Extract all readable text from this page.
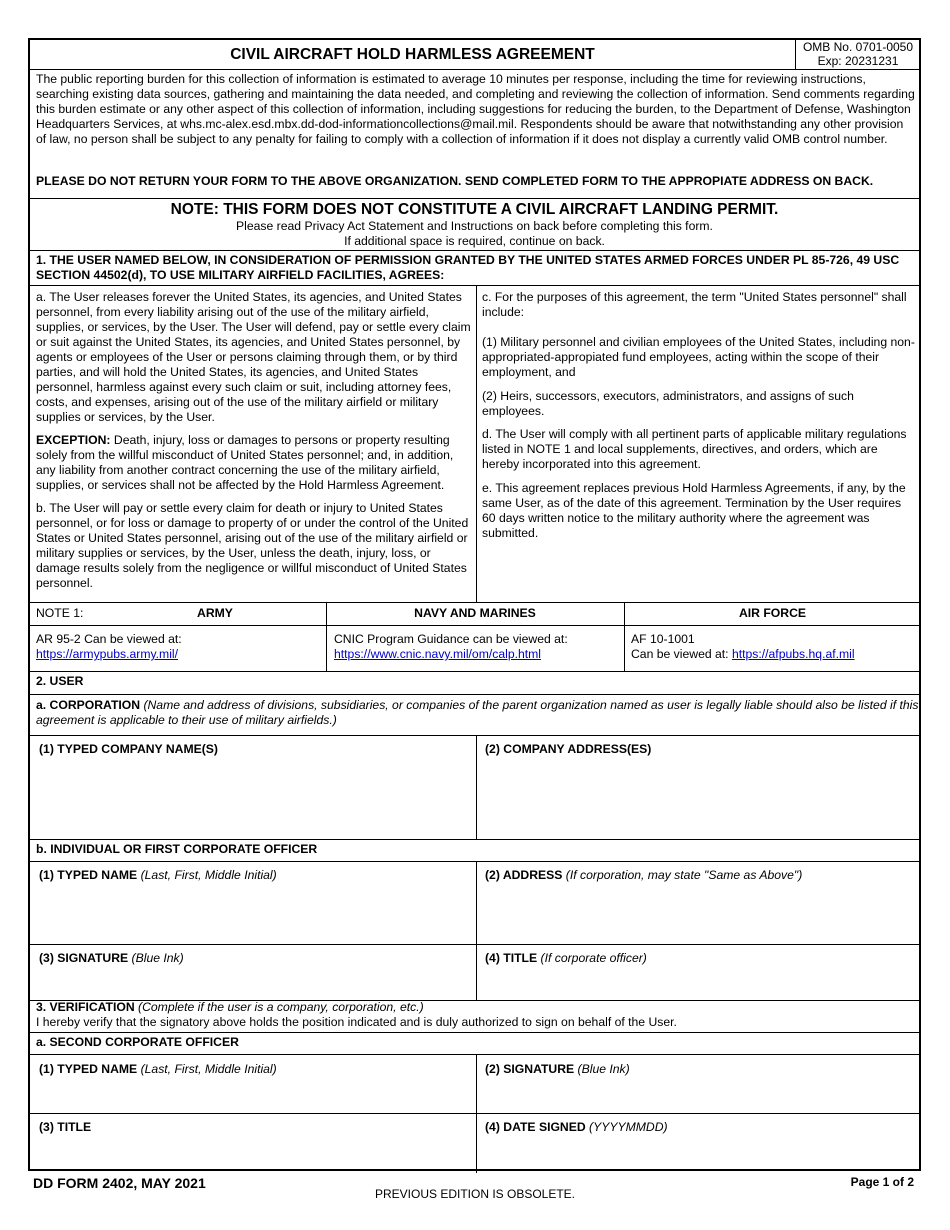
CIVIL AIRCRAFT HOLD HARMLESS AGREEMENT	OMB No. 0701-0050
Exp: 20231231
The public reporting burden for this collection of information is estimated to average 10 minutes per response, including the time for reviewing instructions, searching existing data sources, gathering and maintaining the data needed, and completing and reviewing the collection of information. Send comments regarding this burden estimate or any other aspect of this collection of information, including suggestions for reducing the burden, to the Department of Defense, Washington Headquarters Services, at whs.mc-alex.esd.mbx.dd-dod-informationcollections@mail.mil. Respondents should be aware that notwithstanding any other provision of law, no person shall be subject to any penalty for failing to comply with a collection of information if it does not display a currently valid OMB control number.
PLEASE DO NOT RETURN YOUR FORM TO THE ABOVE ORGANIZATION. SEND COMPLETED FORM TO THE APPROPIATE ADDRESS ON BACK.
NOTE: THIS FORM DOES NOT CONSTITUTE A CIVIL AIRCRAFT LANDING PERMIT.
Please read Privacy Act Statement and Instructions on back before completing this form.
If additional space is required, continue on back.
1. THE USER NAMED BELOW, IN CONSIDERATION OF PERMISSION GRANTED BY THE UNITED STATES ARMED FORCES UNDER PL 85-726, 49 USC SECTION 44502(d), TO USE MILITARY AIRFIELD FACILITIES, AGREES:

a. The User releases forever the United States, its agencies, and United States personnel, from every liability arising out of the use of the military airfield, supplies, or services, by the User. The User will defend, pay or settle every claim or suit against the United States, its agencies, and United States personnel, by agents or employees of the User or persons claiming through them, or by third parties, and will hold the United States, its agencies, and United States personnel, harmless against every such claim or suit, including attorney fees, costs, and expenses, arising out of the use of the military airfield or military supplies or services, by the User.

EXCEPTION: Death, injury, loss or damages to persons or property resulting solely from the willful misconduct of United States personnel; and, in addition, any liability from another contract concerning the use of the military airfield, supplies, or services shall not be affected by the Hold Harmless Agreement.

b. The User will pay or settle every claim for death or injury to United States personnel, or for loss or damage to property of or under the control of the United States or United States personnel, arising out of the use of the military airfield or military supplies or services, by the User, unless the death, injury, loss, or damage results solely from the negligence or willful misconduct of United States personnel.

c. For the purposes of this agreement, the term "United States personnel" shall include:

(1) Military personnel and civilian employees of the United States, including non-appropriated-appropiated fund employees, acting within the scope of their employment, and

(2) Heirs, successors, executors, administrators, and assigns of such employees.

d. The User will comply with all pertinent parts of applicable military regulations listed in NOTE 1 and local supplements, directives, and orders, which are hereby incorporated into this agreement.

e. This agreement replaces previous Hold Harmless Agreements, if any, by the same User, as of the date of this agreement. Termination by the User requires 60 days written notice to the military authority where the agreement was submitted.

NOTE 1:	ARMY	NAVY AND MARINES	AIR FORCE
AR 95-2 Can be viewed at:
https://armypubs.army.mil/
CNIC Program Guidance can be viewed at:
https://www.cnic.navy.mil/om/calp.html
AF 10-1001
Can be viewed at: https://afpubs.hq.af.mil
2. USER
a. CORPORATION (Name and address of divisions, subsidiaries, or companies of the parent organization named as user is legally liable should also be listed if this agreement is applicable to their use of military airfields.)
(1) TYPED COMPANY NAME(S)	(2) COMPANY ADDRESS(ES)
b. INDIVIDUAL OR FIRST CORPORATE OFFICER
(1) TYPED NAME (Last, First, Middle Initial)	(2) ADDRESS (If corporation, may state "Same as Above")
(3) SIGNATURE (Blue Ink)	(4) TITLE (If corporate officer)
3. VERIFICATION (Complete if the user is a company, corporation, etc.)
I hereby verify that the signatory above holds the position indicated and is duly authorized to sign on behalf of the User.
a. SECOND CORPORATE OFFICER
(1) TYPED NAME (Last, First, Middle Initial)	(2) SIGNATURE (Blue Ink)
(3) TITLE	(4) DATE SIGNED (YYYYMMDD)
DD FORM 2402, MAY 2021
PREVIOUS EDITION IS OBSOLETE.
Page 1 of 2
